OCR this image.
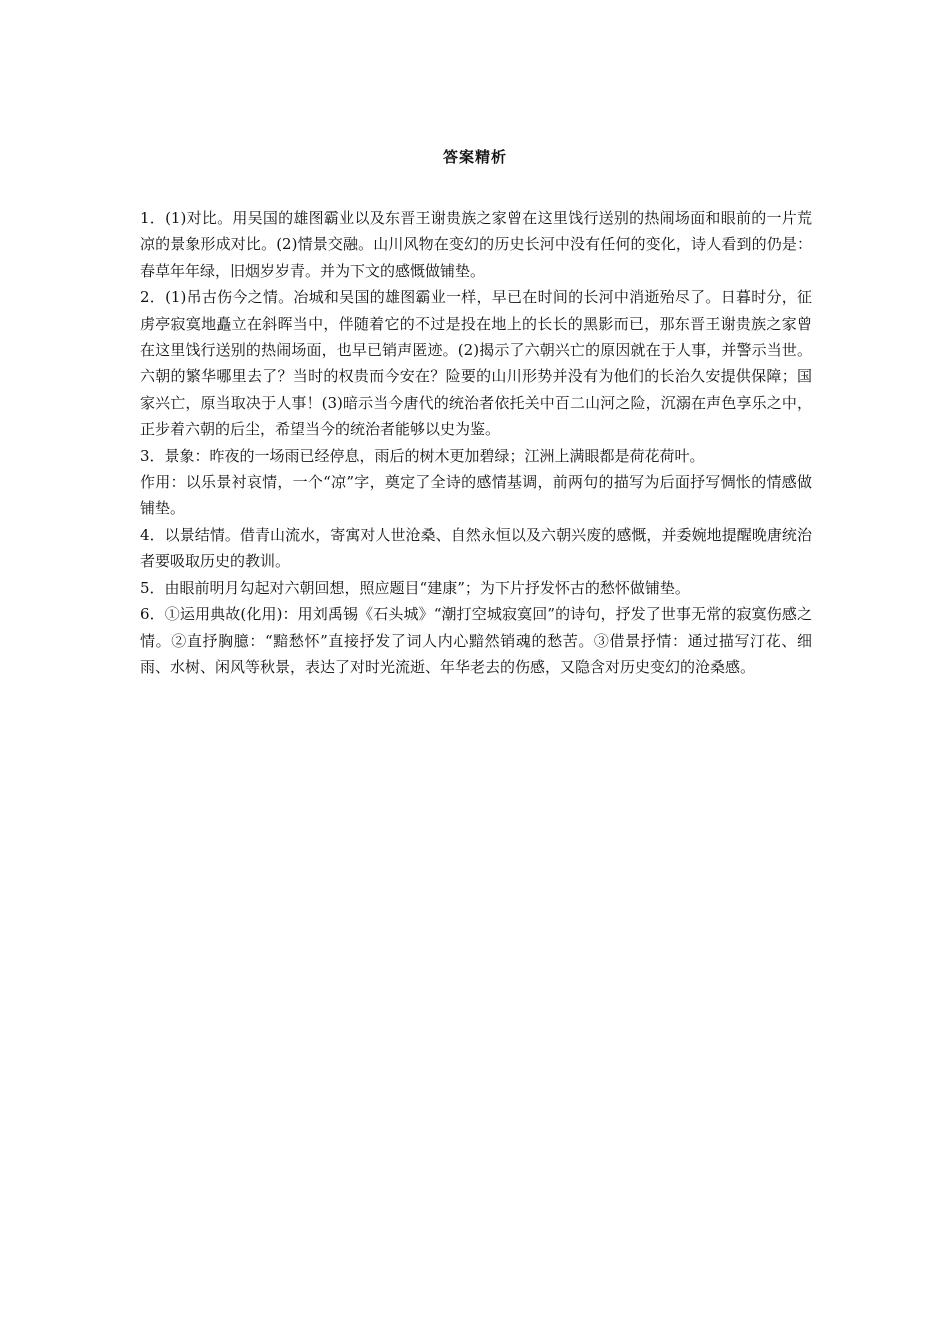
答案精析

1．(1)对比。用吴国的雄图霸业以及东晋王谢贵族之家曾在这里饯行送别的热闹场面和眼前的一片荒凉的景象形成对比。(2)情景交融。山川风物在变幻的历史长河中没有任何的变化，诗人看到的仍是：春草年年绿，旧烟岁岁青。并为下文的感慨做铺垫。

2．(1)吊古伤今之情。冶城和吴国的雄图霸业一样，早已在时间的长河中消逝殆尽了。日暮时分，征虏亭寂寞地矗立在斜晖当中，伴随着它的不过是投在地上的长长的黑影而已，那东晋王谢贵族之家曾在这里饯行送别的热闹场面，也早已销声匿迹。(2)揭示了六朝兴亡的原因就在于人事，并警示当世。六朝的繁华哪里去了？当时的权贵而今安在？险要的山川形势并没有为他们的长治久安提供保障；国家兴亡，原当取决于人事！(3)暗示当今唐代的统治者依托关中百二山河之险，沉溺在声色享乐之中，正步着六朝的后尘，希望当今的统治者能够以史为鉴。

3．景象：昨夜的一场雨已经停息，雨后的树木更加碧绿；江洲上满眼都是荷花荷叶。

作用：以乐景衬哀情，一个“凉”字，奠定了全诗的感情基调，前两句的描写为后面抒写惆怅的情感做铺垫。

4．以景结情。借青山流水，寄寓对人世沧桑、自然永恒以及六朝兴废的感慨，并委婉地提醒晚唐统治者要吸取历史的教训。

5．由眼前明月勾起对六朝回想，照应题目“建康”；为下片抒发怀古的愁怀做铺垫。

6．①运用典故(化用)：用刘禹锡《石头城》“潮打空城寂寞回”的诗句，抒发了世事无常的寂寞伤感之情。②直抒胸臆：“黯愁怀”直接抒发了词人内心黯然销魂的愁苦。③借景抒情：通过描写汀花、细雨、水树、闲风等秋景，表达了对时光流逝、年华老去的伤感，又隐含对历史变幻的沧桑感。
